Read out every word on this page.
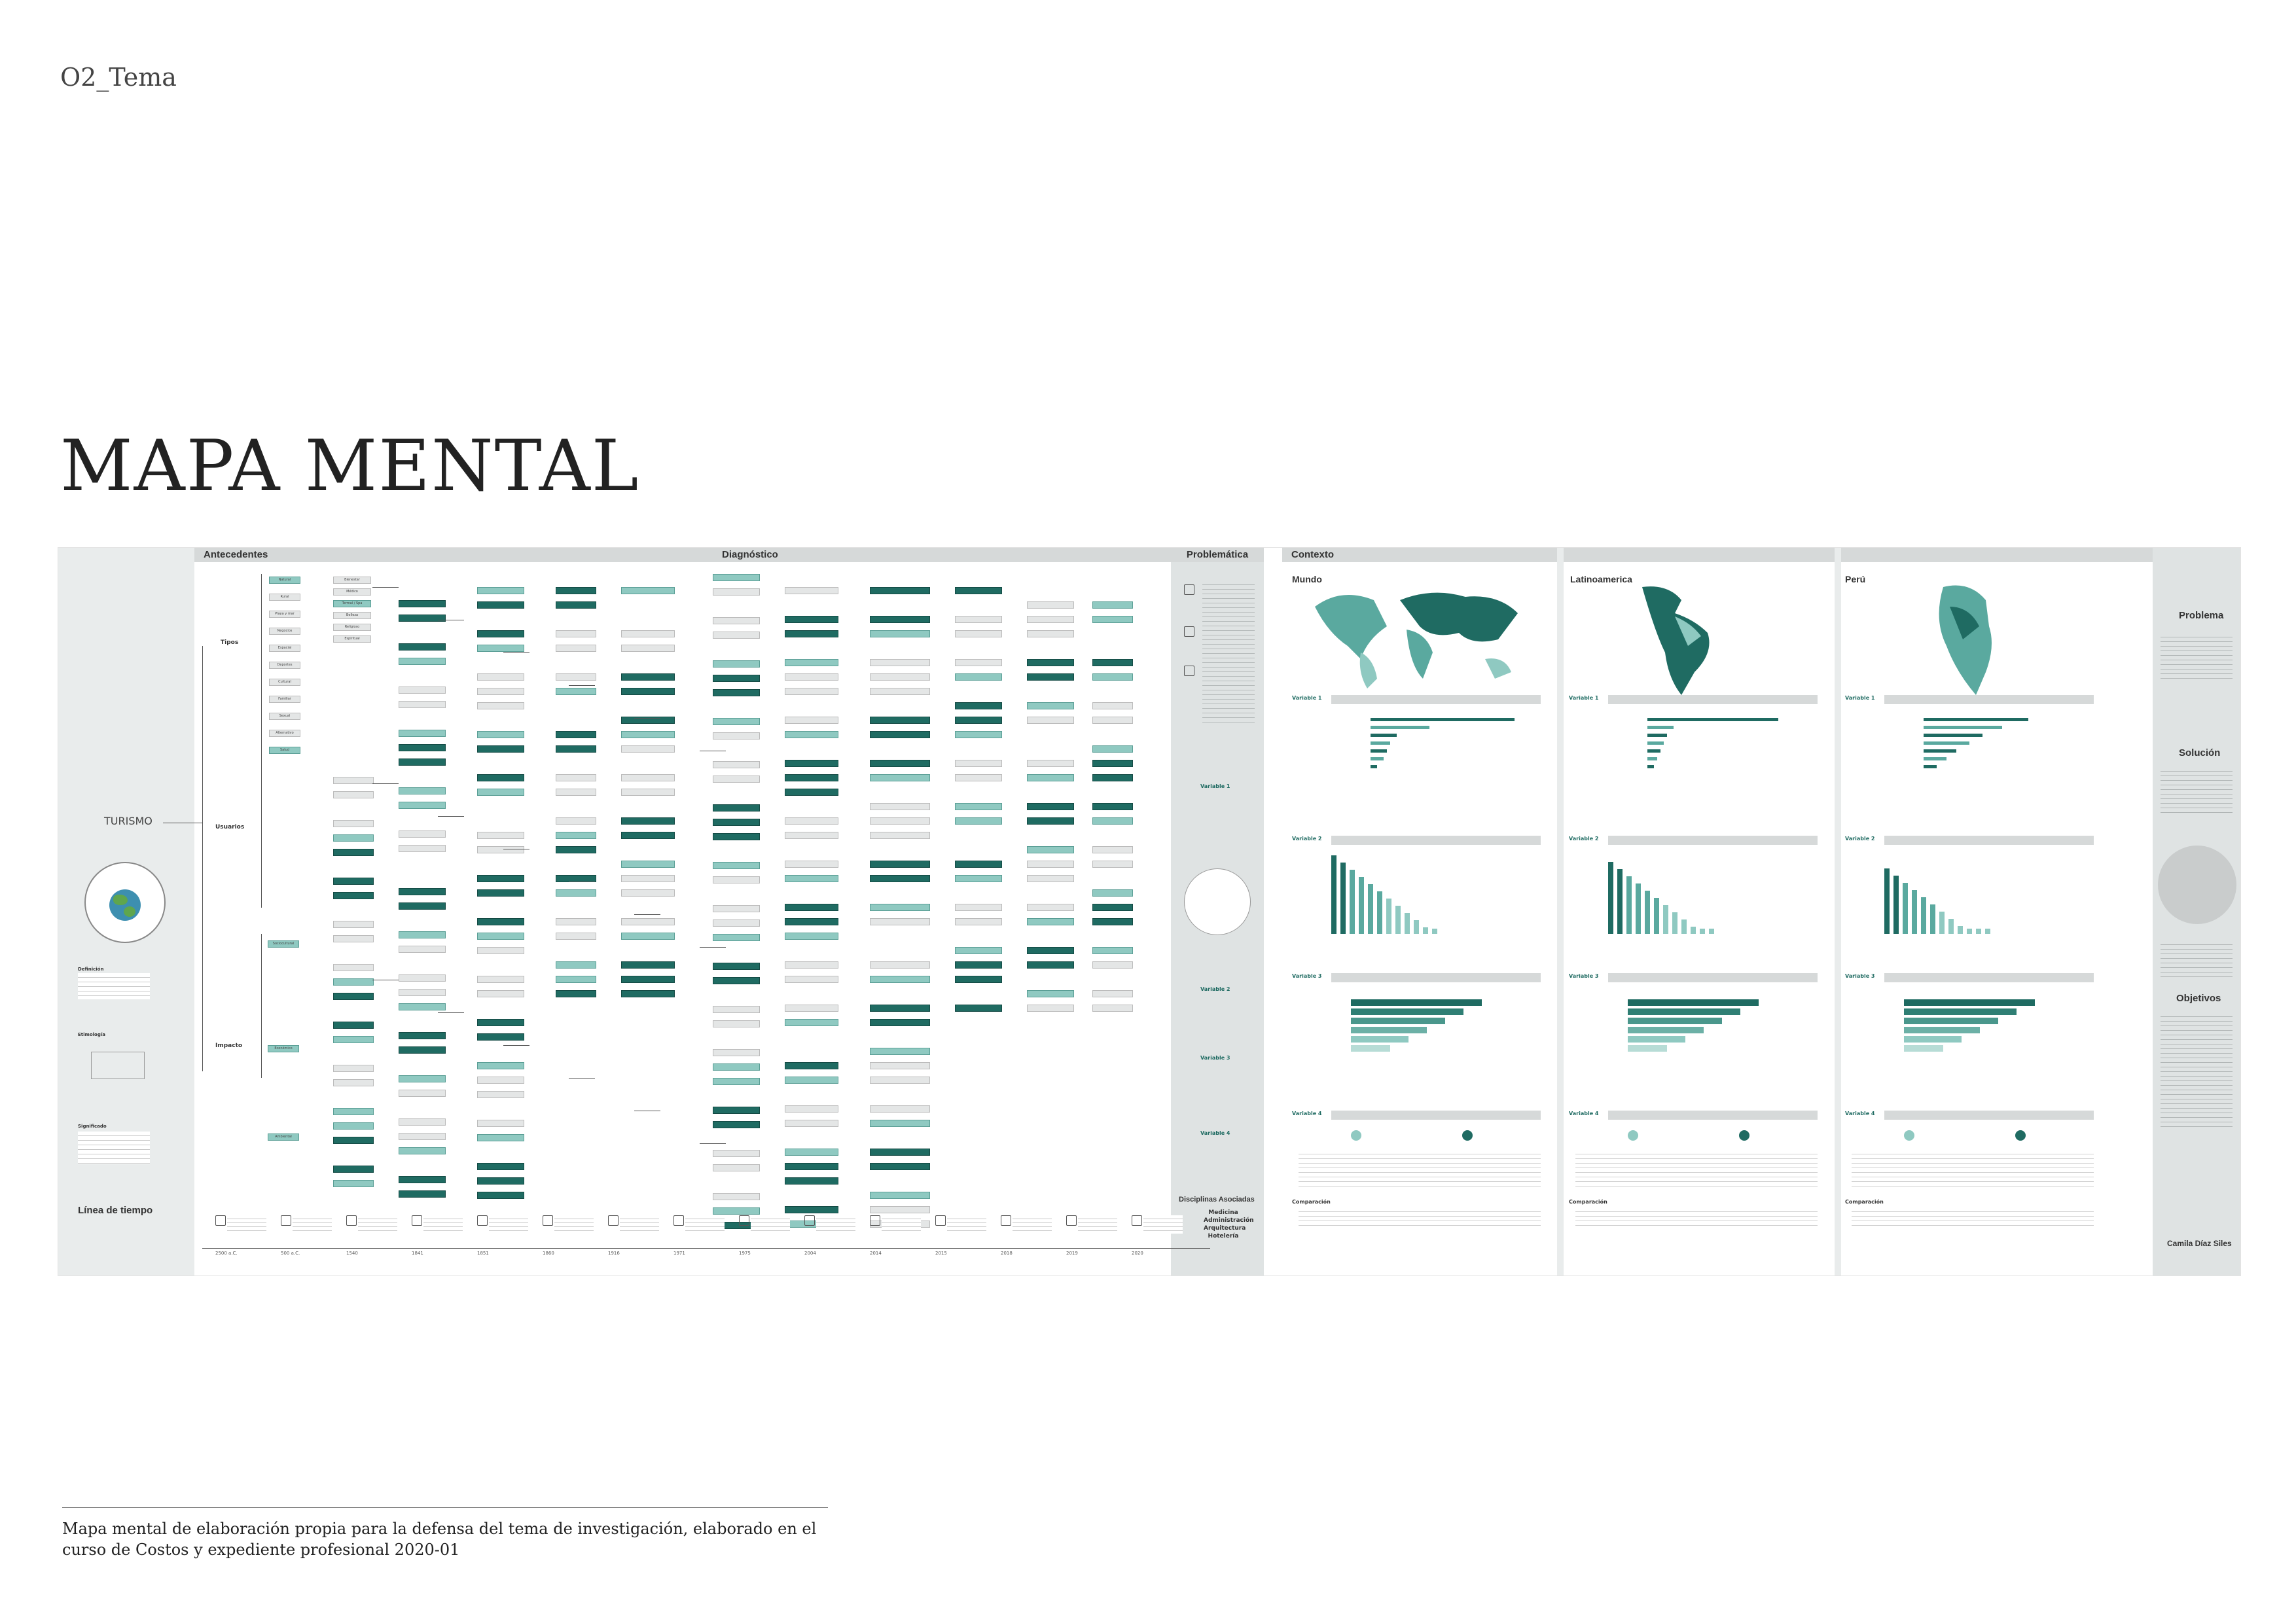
O2_Tema
MAPA MENTAL
Antecedentes	Diagnóstico	Problemática	Contexto
TURISMO
Definición
Etimología
Significado
Línea de tiempo
Tipos
Usuarios
Impacto
Natural
Rural
Playa y mar
Negocios
Espacial
Deportes
Cultural
Familiar
Sexual
Alternativo
Salud
Bienestar
Médico
Termal / Spa
Belleza
Religioso
Espiritual
Sociocultural
Económico
Ambiental
2500 a.C.	500 a.C.	1540	1841	1851	1860	1916	1971	1975	2004	2014	2015	2018	2019	2020
Variable 1
Variable 2
Variable 3
Variable 4
Disciplinas Asociadas
Medicina
Administración
Arquitectura
Hotelería
Mundo	Latinoamerica	Perú
Variable 1
Variable 2
Variable 3
Variable 4
Comparación
Variable 1
Variable 2
Variable 3
Variable 4
Comparación
Variable 1
Variable 2
Variable 3
Variable 4
Comparación
Problema
Solución
Objetivos
Camila Díaz Siles
Mapa mental de elaboración propia para la defensa del tema de investigación, elaborado en el curso de Costos y expediente profesional 2020-01
